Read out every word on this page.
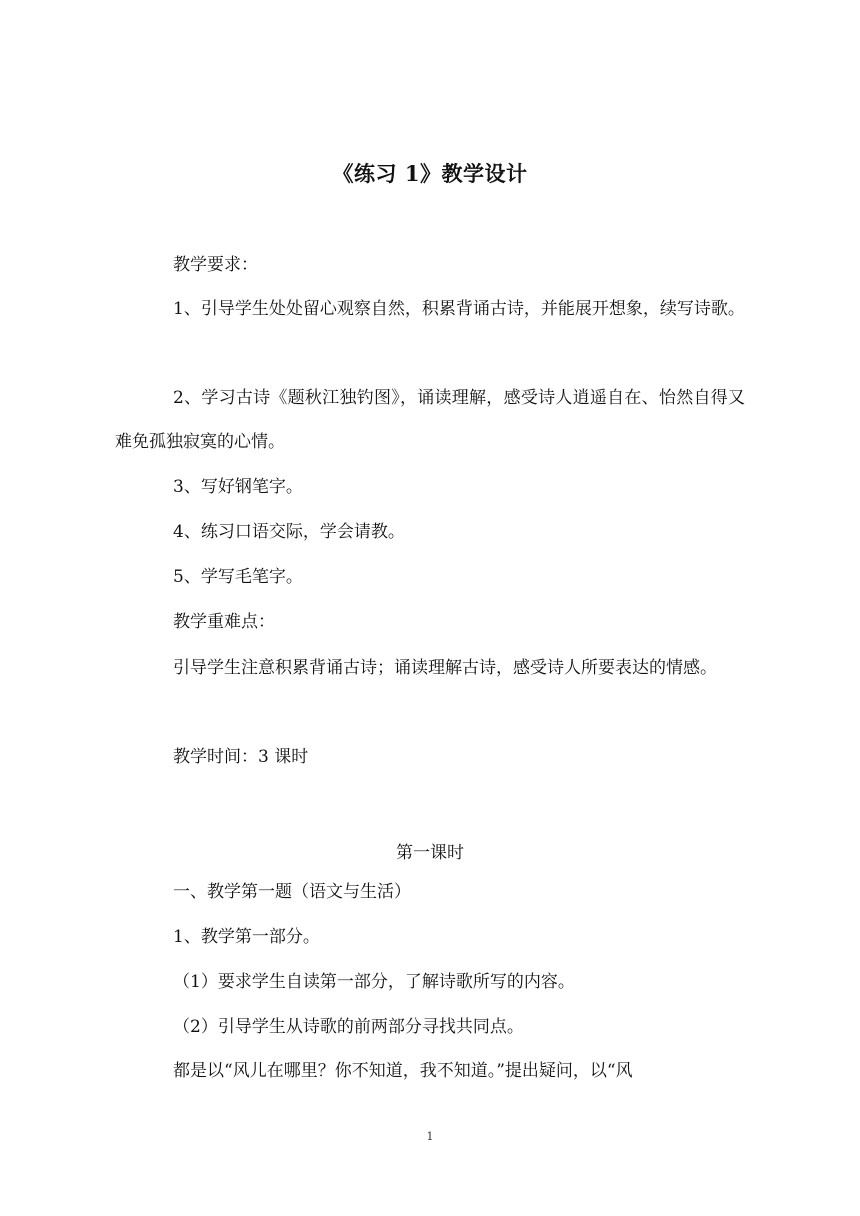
《练习 1》教学设计
教学要求：
1、引导学生处处留心观察自然，积累背诵古诗，并能展开想象，续写诗歌。
2、学习古诗《题秋江独钓图》，诵读理解，感受诗人逍遥自在、怡然自得又难免孤独寂寞的心情。
3、写好钢笔字。
4、练习口语交际，学会请教。
5、学写毛笔字。
教学重难点：
引导学生注意积累背诵古诗；诵读理解古诗，感受诗人所要表达的情感。
教学时间：3 课时
第一课时
一、教学第一题（语文与生活）
1、教学第一部分。
（1）要求学生自读第一部分，了解诗歌所写的内容。
（2）引导学生从诗歌的前两部分寻找共同点。
都是以“风儿在哪里？你不知道，我不知道。”提出疑问，以“风
1
